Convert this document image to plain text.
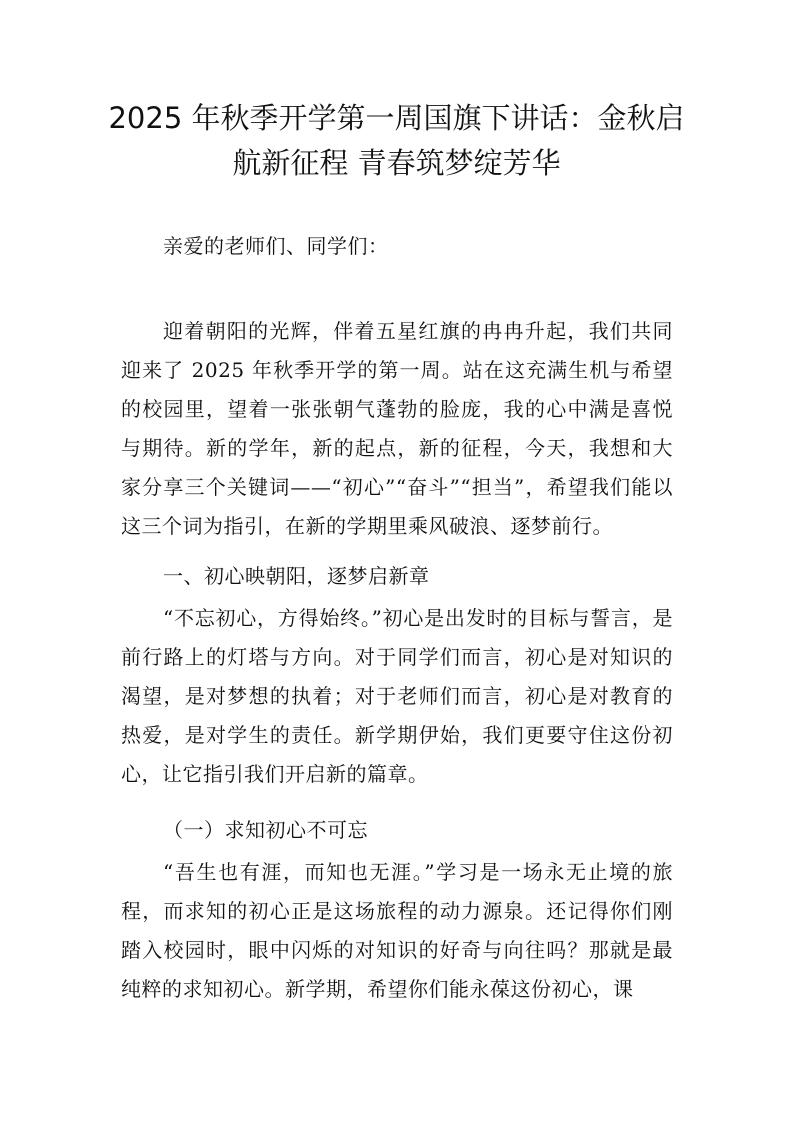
2025 年秋季开学第一周国旗下讲话：金秋启
航新征程 青春筑梦绽芳华

亲爱的老师们、同学们：

迎着朝阳的光辉，伴着五星红旗的冉冉升起，我们共同迎来了 2025 年秋季开学的第一周。站在这充满生机与希望的校园里，望着一张张朝气蓬勃的脸庞，我的心中满是喜悦与期待。新的学年，新的起点，新的征程，今天，我想和大家分享三个关键词——“初心”“奋斗”“担当”，希望我们能以这三个词为指引，在新的学期里乘风破浪、逐梦前行。

一、初心映朝阳，逐梦启新章

“不忘初心，方得始终。”初心是出发时的目标与誓言，是前行路上的灯塔与方向。对于同学们而言，初心是对知识的渴望，是对梦想的执着；对于老师们而言，初心是对教育的热爱，是对学生的责任。新学期伊始，我们更要守住这份初心，让它指引我们开启新的篇章。

（一）求知初心不可忘

“吾生也有涯，而知也无涯。”学习是一场永无止境的旅程，而求知的初心正是这场旅程的动力源泉。还记得你们刚踏入校园时，眼中闪烁的对知识的好奇与向往吗？那就是最纯粹的求知初心。新学期，希望你们能永葆这份初心，课
